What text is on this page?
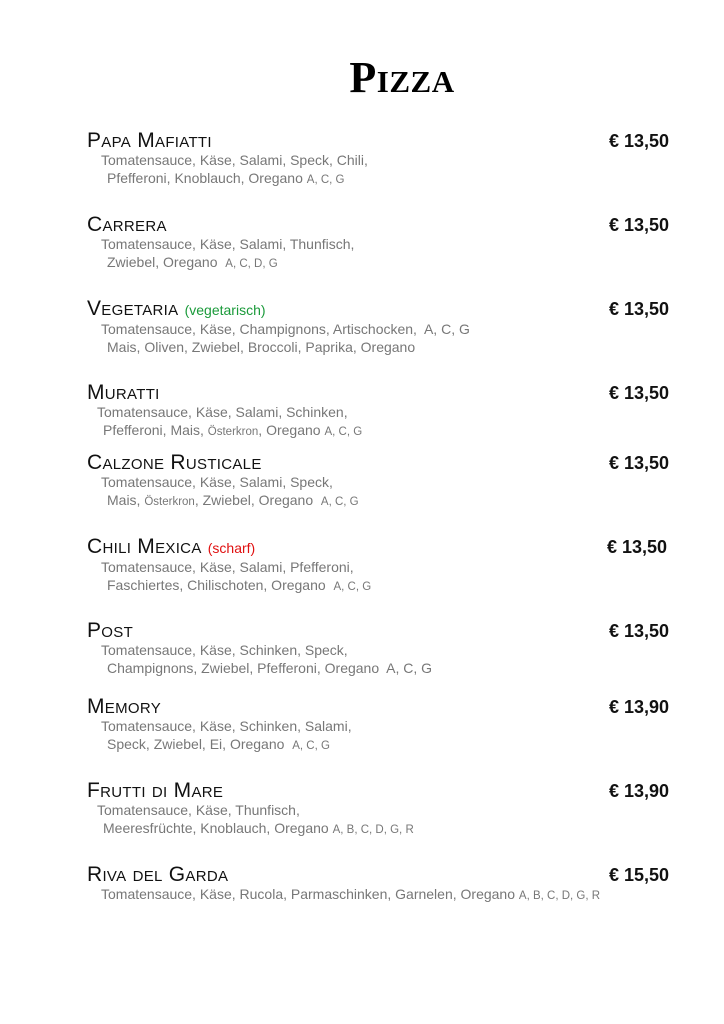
Pizza
Papa Mafiatti	€ 13,50
Tomatensauce, Käse, Salami, Speck, Chili,
Pfefferoni, Knoblauch, Oregano A, C, G
Carrera	€ 13,50
Tomatensauce, Käse, Salami, Thunfisch,
Zwiebel, Oregano A, C, D, G
Vegetaria (vegetarisch)	€ 13,50
Tomatensauce, Käse, Champignons, Artischocken, A, C, G
Mais, Oliven, Zwiebel, Broccoli, Paprika, Oregano
Muratti	€ 13,50
Tomatensauce, Käse, Salami, Schinken,
Pfefferoni, Mais, Österkron, Oregano A, C, G
Calzone Rusticale	€ 13,50
Tomatensauce, Käse, Salami, Speck,
Mais, Österkron, Zwiebel, Oregano A, C, G
Chili Mexica (scharf)	€ 13,50
Tomatensauce, Käse, Salami, Pfefferoni,
Faschiertes, Chilischoten, Oregano A, C, G
Post	€ 13,50
Tomatensauce, Käse, Schinken, Speck,
Champignons, Zwiebel, Pfefferoni, Oregano A, C, G
Memory	€ 13,90
Tomatensauce, Käse, Schinken, Salami,
Speck, Zwiebel, Ei, Oregano A, C, G
Frutti di Mare	€ 13,90
Tomatensauce, Käse, Thunfisch,
Meeresfrüchte, Knoblauch, Oregano A, B, C, D, G, R
Riva del Garda	€ 15,50
Tomatensauce, Käse, Rucola, Parmaschinken, Garnelen, Oregano A, B, C, D, G, R
